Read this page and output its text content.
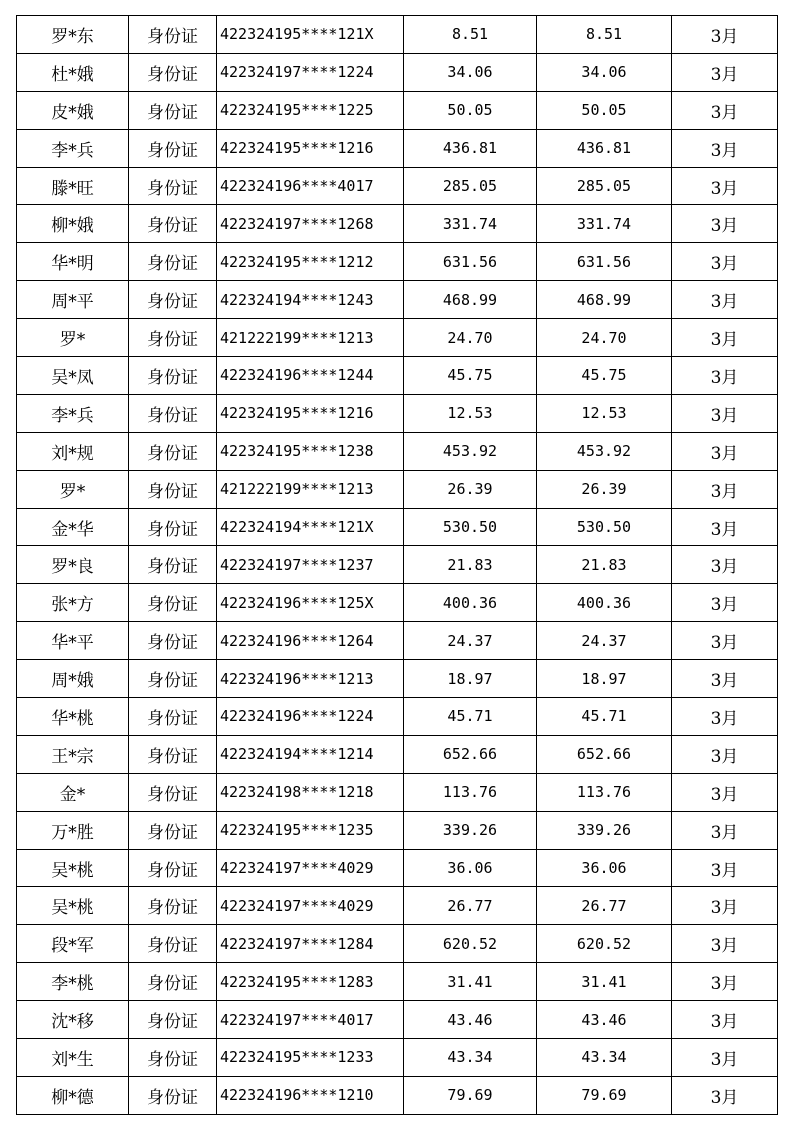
罗*东	身份证	422324195****121X	8.51	8.51	3月
杜*娥	身份证	422324197****1224	34.06	34.06	3月
皮*娥	身份证	422324195****1225	50.05	50.05	3月
李*兵	身份证	422324195****1216	436.81	436.81	3月
滕*旺	身份证	422324196****4017	285.05	285.05	3月
柳*娥	身份证	422324197****1268	331.74	331.74	3月
华*明	身份证	422324195****1212	631.56	631.56	3月
周*平	身份证	422324194****1243	468.99	468.99	3月
罗*	身份证	421222199****1213	24.70	24.70	3月
吴*凤	身份证	422324196****1244	45.75	45.75	3月
李*兵	身份证	422324195****1216	12.53	12.53	3月
刘*规	身份证	422324195****1238	453.92	453.92	3月
罗*	身份证	421222199****1213	26.39	26.39	3月
金*华	身份证	422324194****121X	530.50	530.50	3月
罗*良	身份证	422324197****1237	21.83	21.83	3月
张*方	身份证	422324196****125X	400.36	400.36	3月
华*平	身份证	422324196****1264	24.37	24.37	3月
周*娥	身份证	422324196****1213	18.97	18.97	3月
华*桃	身份证	422324196****1224	45.71	45.71	3月
王*宗	身份证	422324194****1214	652.66	652.66	3月
金*	身份证	422324198****1218	113.76	113.76	3月
万*胜	身份证	422324195****1235	339.26	339.26	3月
吴*桃	身份证	422324197****4029	36.06	36.06	3月
吴*桃	身份证	422324197****4029	26.77	26.77	3月
段*军	身份证	422324197****1284	620.52	620.52	3月
李*桃	身份证	422324195****1283	31.41	31.41	3月
沈*移	身份证	422324197****4017	43.46	43.46	3月
刘*生	身份证	422324195****1233	43.34	43.34	3月
柳*德	身份证	422324196****1210	79.69	79.69	3月
